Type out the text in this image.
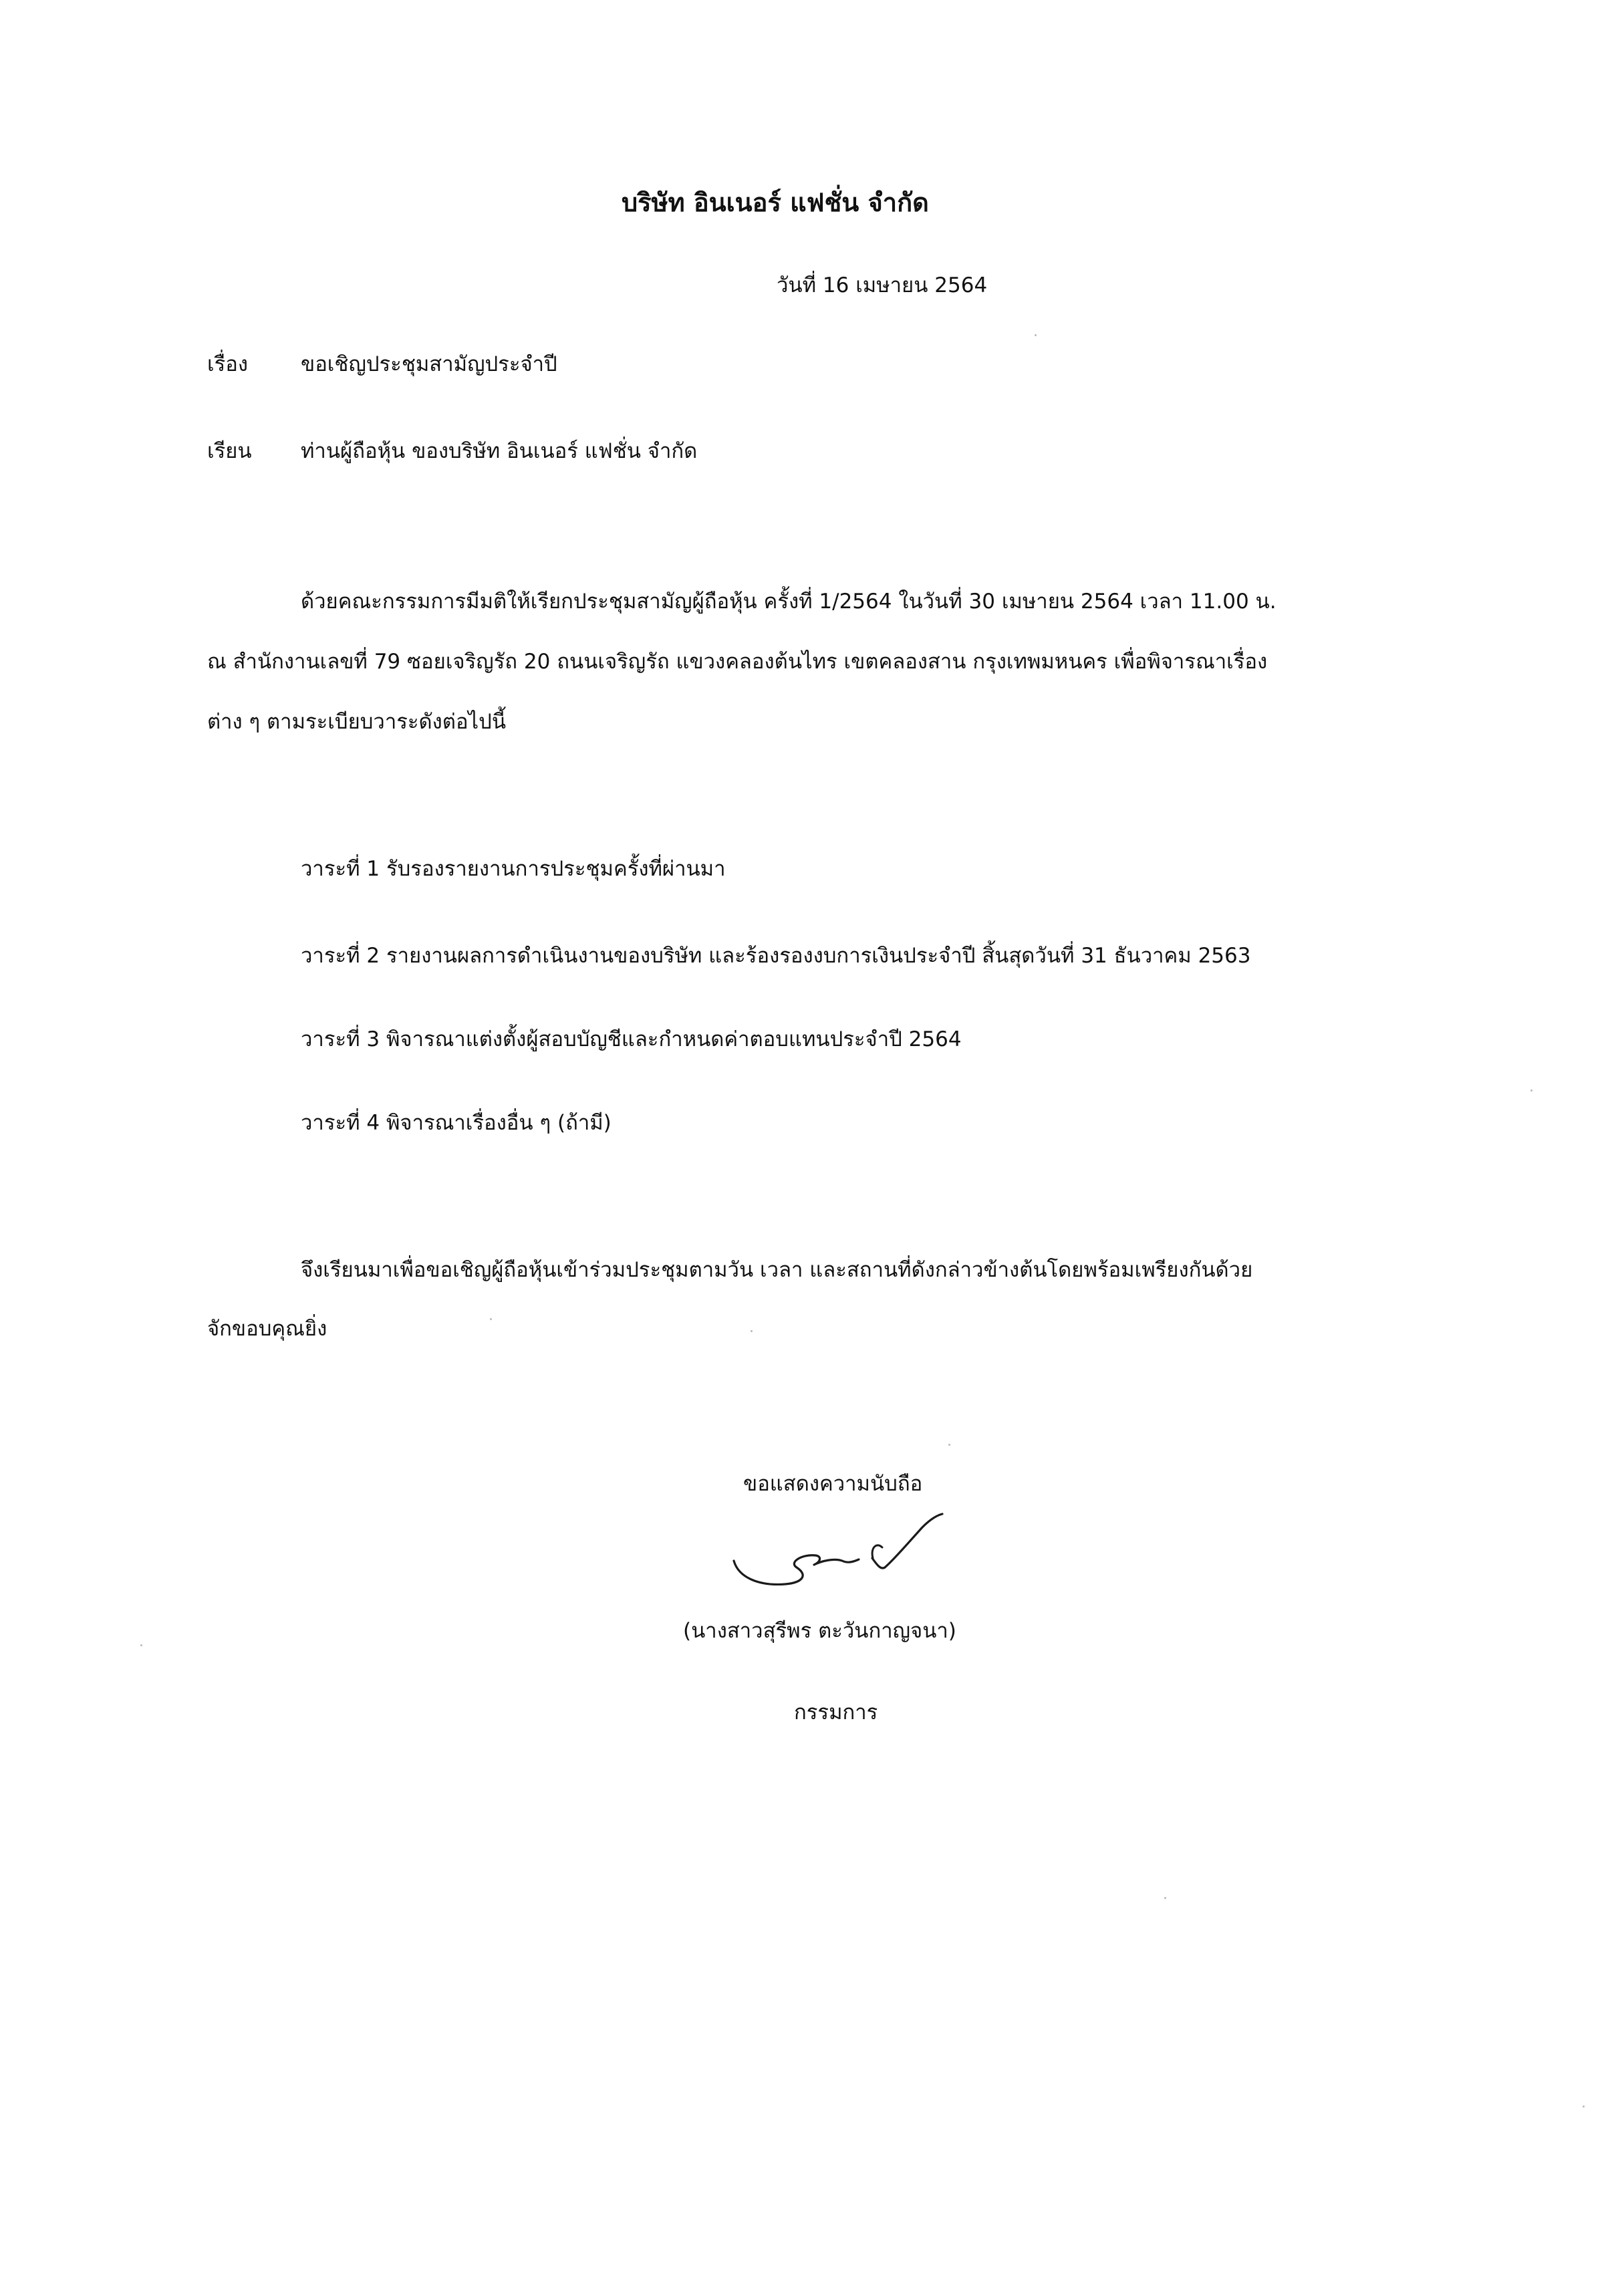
บริษัท อินเนอร์ แฟชั่น จำกัด
วันที่ 16 เมษายน 2564
เรื่อง	ขอเชิญประชุมสามัญประจำปี
เรียน ท่านผู้ถือหุ้น ของบริษัท อินเนอร์ แฟชั่น จำกัด
ด้วยคณะกรรมการมีมติให้เรียกประชุมสามัญผู้ถือหุ้น ครั้งที่ 1/2564 ในวันที่ 30 เมษายน 2564 เวลา 11.00 น.
ณ สำนักงานเลขที่ 79 ซอยเจริญรัถ 20 ถนนเจริญรัถ แขวงคลองต้นไทร เขตคลองสาน กรุงเทพมหนคร เพื่อพิจารณาเรื่อง
ต่าง ๆ ตามระเบียบวาระดังต่อไปนี้
วาระที่ 1 รับรองรายงานการประชุมครั้งที่ผ่านมา
วาระที่ 2 รายงานผลการดำเนินงานของบริษัท และร้องรองงบการเงินประจำปี สิ้นสุดวันที่ 31 ธันวาคม 2563
วาระที่ 3 พิจารณาแต่งตั้งผู้สอบบัญชีและกำหนดค่าตอบแทนประจำปี 2564
วาระที่ 4 พิจารณาเรื่องอื่น ๆ (ถ้ามี)
จึงเรียนมาเพื่อขอเชิญผู้ถือหุ้นเข้าร่วมประชุมตามวัน เวลา และสถานที่ดังกล่าวข้างต้นโดยพร้อมเพรียงกันด้วย
จักขอบคุณยิ่ง
ขอแสดงความนับถือ
(นางสาวสุรีพร ตะวันกาญจนา)
กรรมการ
